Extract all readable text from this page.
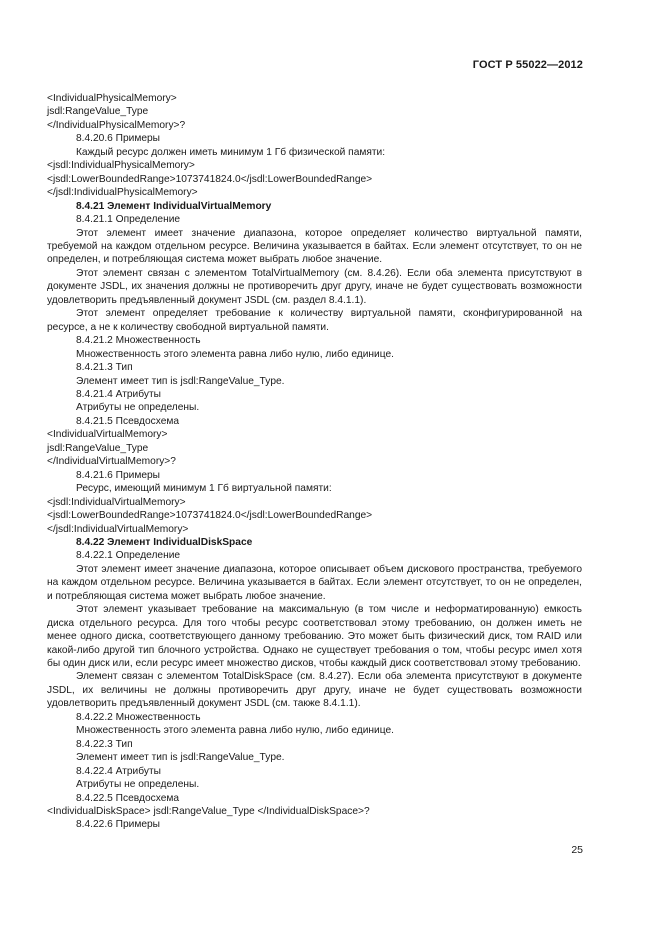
ГОСТ Р 55022—2012

<IndividualPhysicalMemory>

jsdl:RangeValue_Type

</IndividualPhysicalMemory>?

8.4.20.6 Примеры

Каждый ресурс должен иметь минимум 1 Гб физической памяти:

<jsdl:IndividualPhysicalMemory>

<jsdl:LowerBoundedRange>1073741824.0</jsdl:LowerBoundedRange>

</jsdl:IndividualPhysicalMemory>

8.4.21 Элемент IndividualVirtualMemory

8.4.21.1 Определение

Этот элемент имеет значение диапазона, которое определяет количество виртуальной памяти, требуемой на каждом отдельном ресурсе. Величина указывается в байтах. Если элемент отсутствует, то он не определен, и потребляющая система может выбрать любое значение.

Этот элемент связан с элементом TotalVirtualMemory (см. 8.4.26). Если оба элемента присутствуют в документе JSDL, их значения должны не противоречить друг другу, иначе не будет существовать возможности удовлетворить предъявленный документ JSDL (см. раздел 8.4.1.1).

Этот элемент определяет требование к количеству виртуальной памяти, сконфигурированной на ресурсе, а не к количеству свободной виртуальной памяти.

8.4.21.2 Множественность

Множественность этого элемента равна либо нулю, либо единице.

8.4.21.3 Тип

Элемент имеет тип is jsdl:RangeValue_Type.

8.4.21.4 Атрибуты

Атрибуты не определены.

8.4.21.5 Псевдосхема

<IndividualVirtualMemory>

jsdl:RangeValue_Type

</IndividualVirtualMemory>?

8.4.21.6 Примеры

Ресурс, имеющий минимум 1 Гб виртуальной памяти:

<jsdl:IndividualVirtualMemory>

<jsdl:LowerBoundedRange>1073741824.0</jsdl:LowerBoundedRange>

</jsdl:IndividualVirtualMemory>

8.4.22 Элемент IndividualDiskSpace

8.4.22.1 Определение

Этот элемент имеет значение диапазона, которое описывает объем дискового пространства, требуемого на каждом отдельном ресурсе. Величина указывается в байтах. Если элемент отсутствует, то он не определен, и потребляющая система может выбрать любое значение.

Этот элемент указывает требование на максимальную (в том числе и неформатированную) емкость диска отдельного ресурса. Для того чтобы ресурс соответствовал этому требованию, он должен иметь не менее одного диска, соответствующего данному требованию. Это может быть физический диск, том RAID или какой-либо другой тип блочного устройства. Однако не существует требования о том, чтобы ресурс имел хотя бы один диск или, если ресурс имеет множество дисков, чтобы каждый диск соответствовал этому требованию.

Элемент связан с элементом TotalDiskSpace (см. 8.4.27). Если оба элемента присутствуют в документе JSDL, их величины не должны противоречить друг другу, иначе не будет существовать возможности удовлетворить предъявленный документ JSDL (см. также 8.4.1.1).

8.4.22.2 Множественность

Множественность этого элемента равна либо нулю, либо единице.

8.4.22.3 Тип

Элемент имеет тип is jsdl:RangeValue_Type.

8.4.22.4 Атрибуты

Атрибуты не определены.

8.4.22.5 Псевдосхема

<IndividualDiskSpace> jsdl:RangeValue_Type </IndividualDiskSpace>?

8.4.22.6 Примеры

25
